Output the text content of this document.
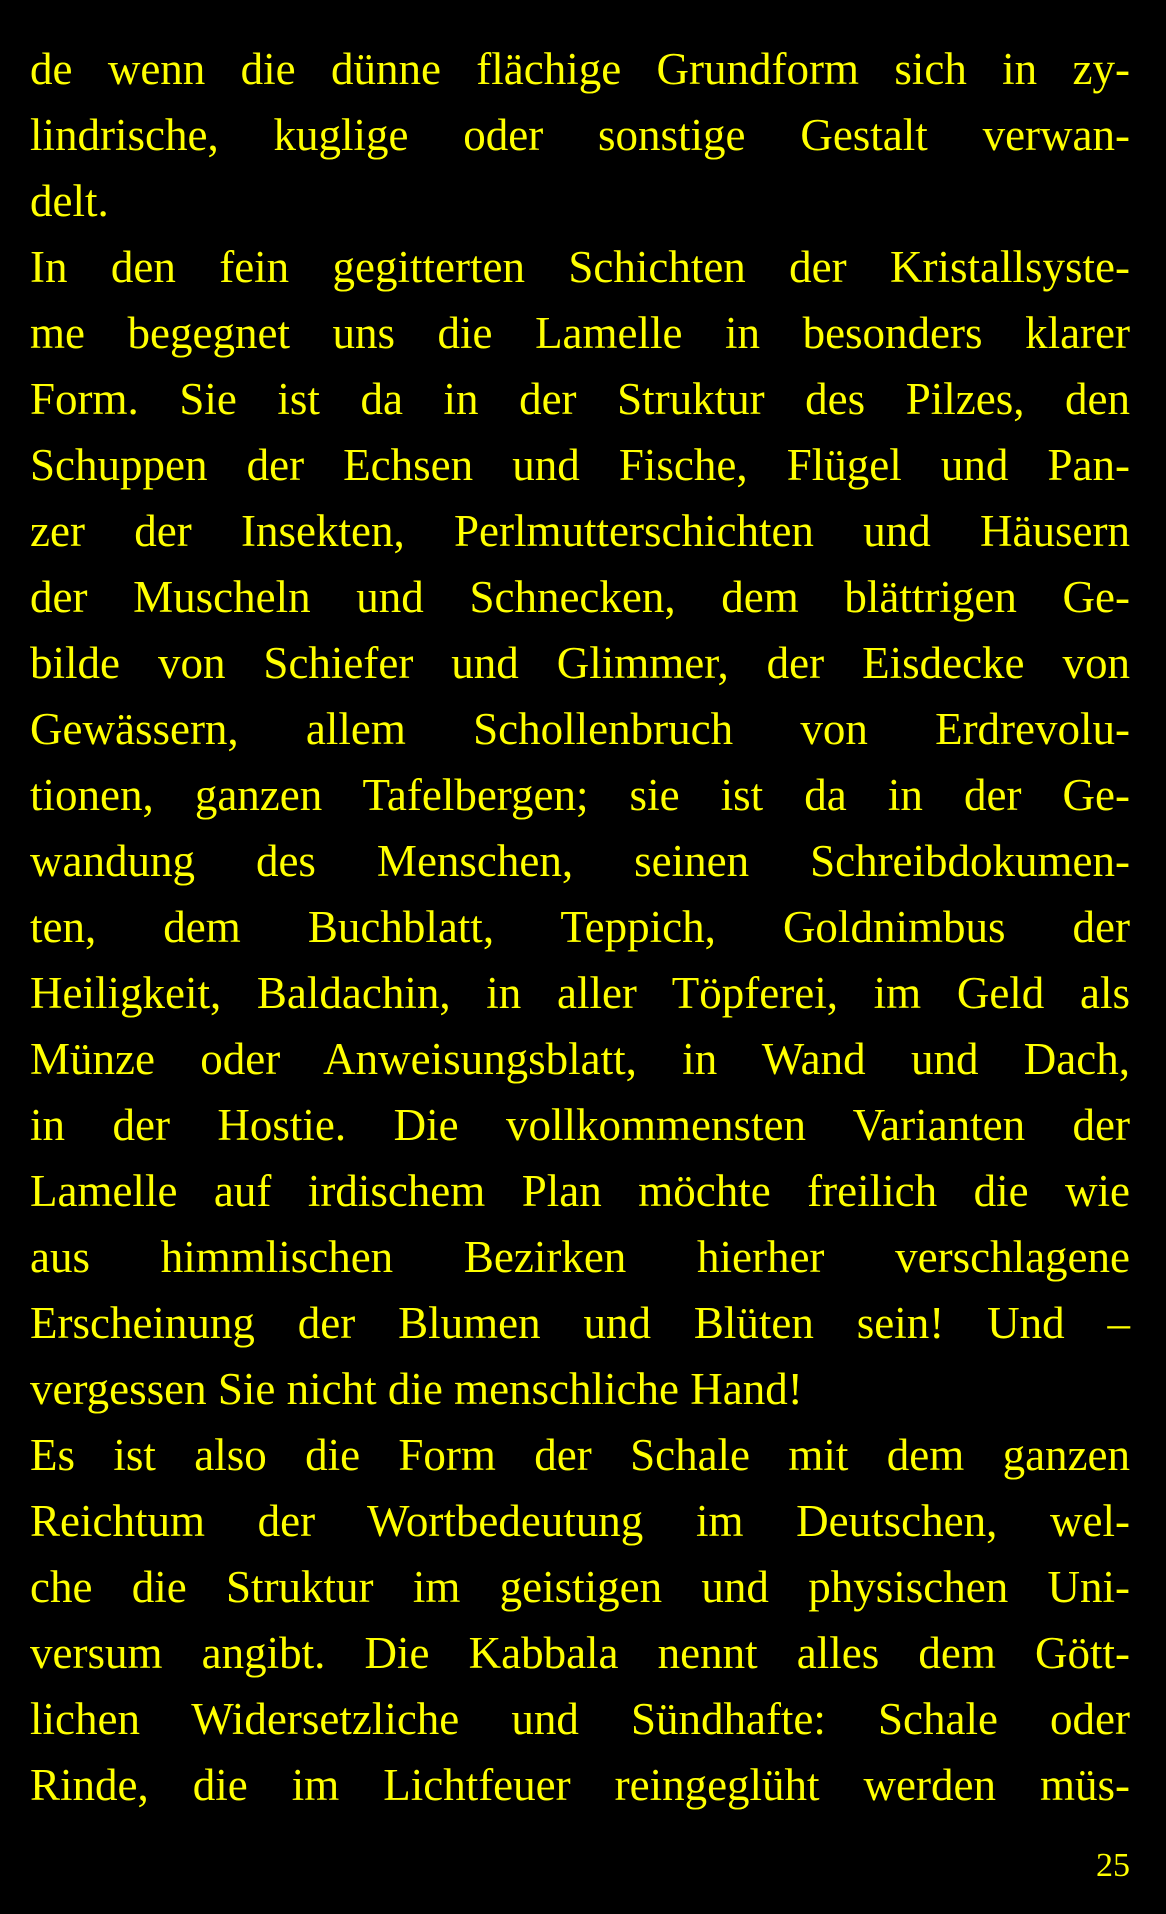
de wenn die dünne flächige Grundform sich in zy-
lindrische, kuglige oder sonstige Gestalt verwan-
delt.
In den fein gegitterten Schichten der Kristallsyste-
me begegnet uns die Lamelle in besonders klarer
Form. Sie ist da in der Struktur des Pilzes, den
Schuppen der Echsen und Fische, Flügel und Pan-
zer der Insekten, Perlmutterschichten und Häusern
der Muscheln und Schnecken, dem blättrigen Ge-
bilde von Schiefer und Glimmer, der Eisdecke von
Gewässern, allem Schollenbruch von Erdrevolu-
tionen, ganzen Tafelbergen; sie ist da in der Ge-
wandung des Menschen, seinen Schreibdokumen-
ten, dem Buchblatt, Teppich, Goldnimbus der
Heiligkeit, Baldachin, in aller Töpferei, im Geld als
Münze oder Anweisungsblatt, in Wand und Dach,
in der Hostie. Die vollkommensten Varianten der
Lamelle auf irdischem Plan möchte freilich die wie
aus himmlischen Bezirken hierher verschlagene
Erscheinung der Blumen und Blüten sein! Und –
vergessen Sie nicht die menschliche Hand!
Es ist also die Form der Schale mit dem ganzen
Reichtum der Wortbedeutung im Deutschen, wel-
che die Struktur im geistigen und physischen Uni-
versum angibt. Die Kabbala nennt alles dem Gött-
lichen Widersetzliche und Sündhafte: Schale oder
Rinde, die im Lichtfeuer reingeglüht werden müs-
25
